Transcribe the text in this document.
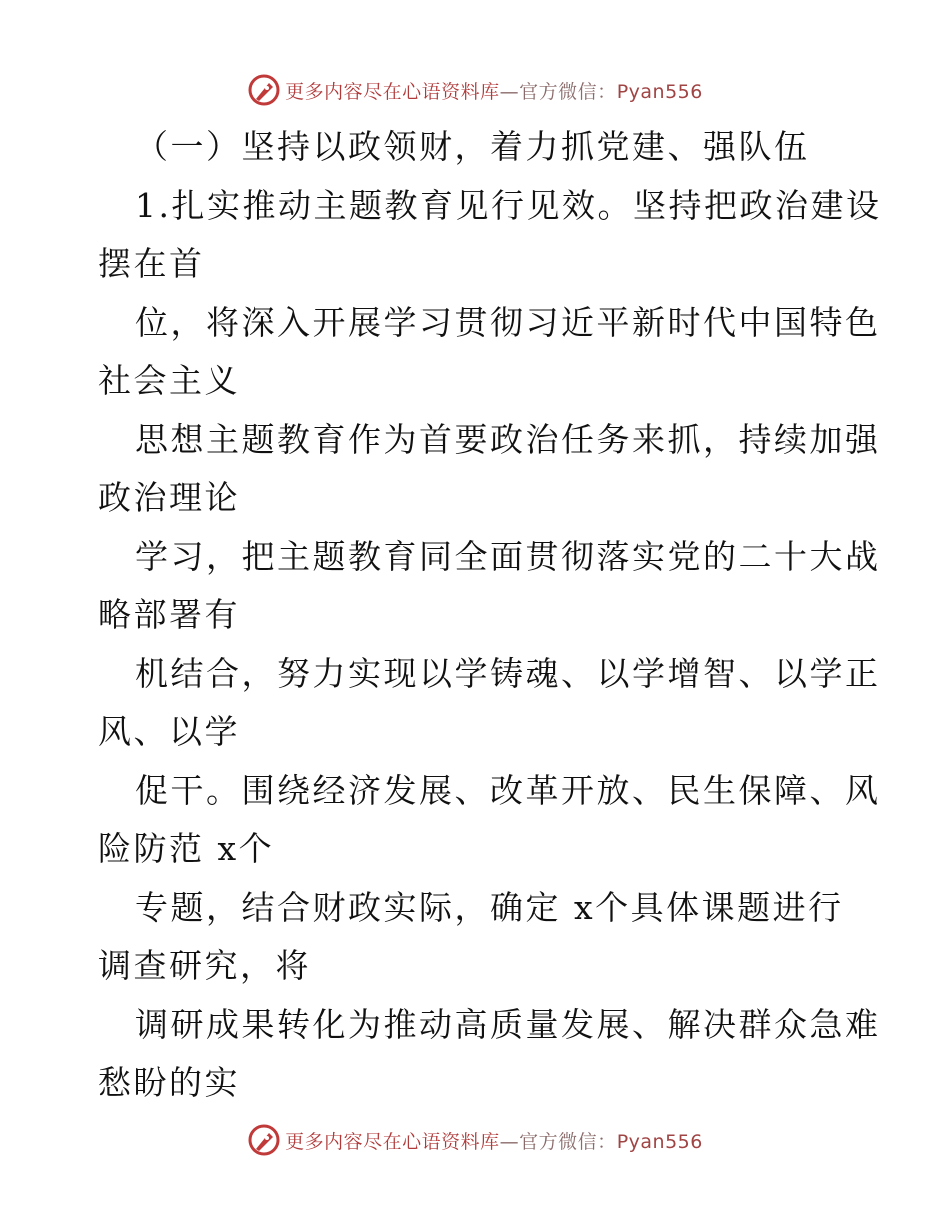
更多内容尽在心语资料库—官方微信：Pyan556
（一）坚持以政领财，着力抓党建、强队伍
1.扎实推动主题教育见行见效。坚持把政治建设
摆在首
位，将深入开展学习贯彻习近平新时代中国特色
社会主义
思想主题教育作为首要政治任务来抓，持续加强
政治理论
学习，把主题教育同全面贯彻落实党的二十大战
略部署有
机结合，努力实现以学铸魂、以学增智、以学正
风、以学
促干。围绕经济发展、改革开放、民生保障、风
险防范 x个
专题，结合财政实际，确定 x个具体课题进行
调查研究，将
调研成果转化为推动高质量发展、解决群众急难
愁盼的实
更多内容尽在心语资料库—官方微信：Pyan556
